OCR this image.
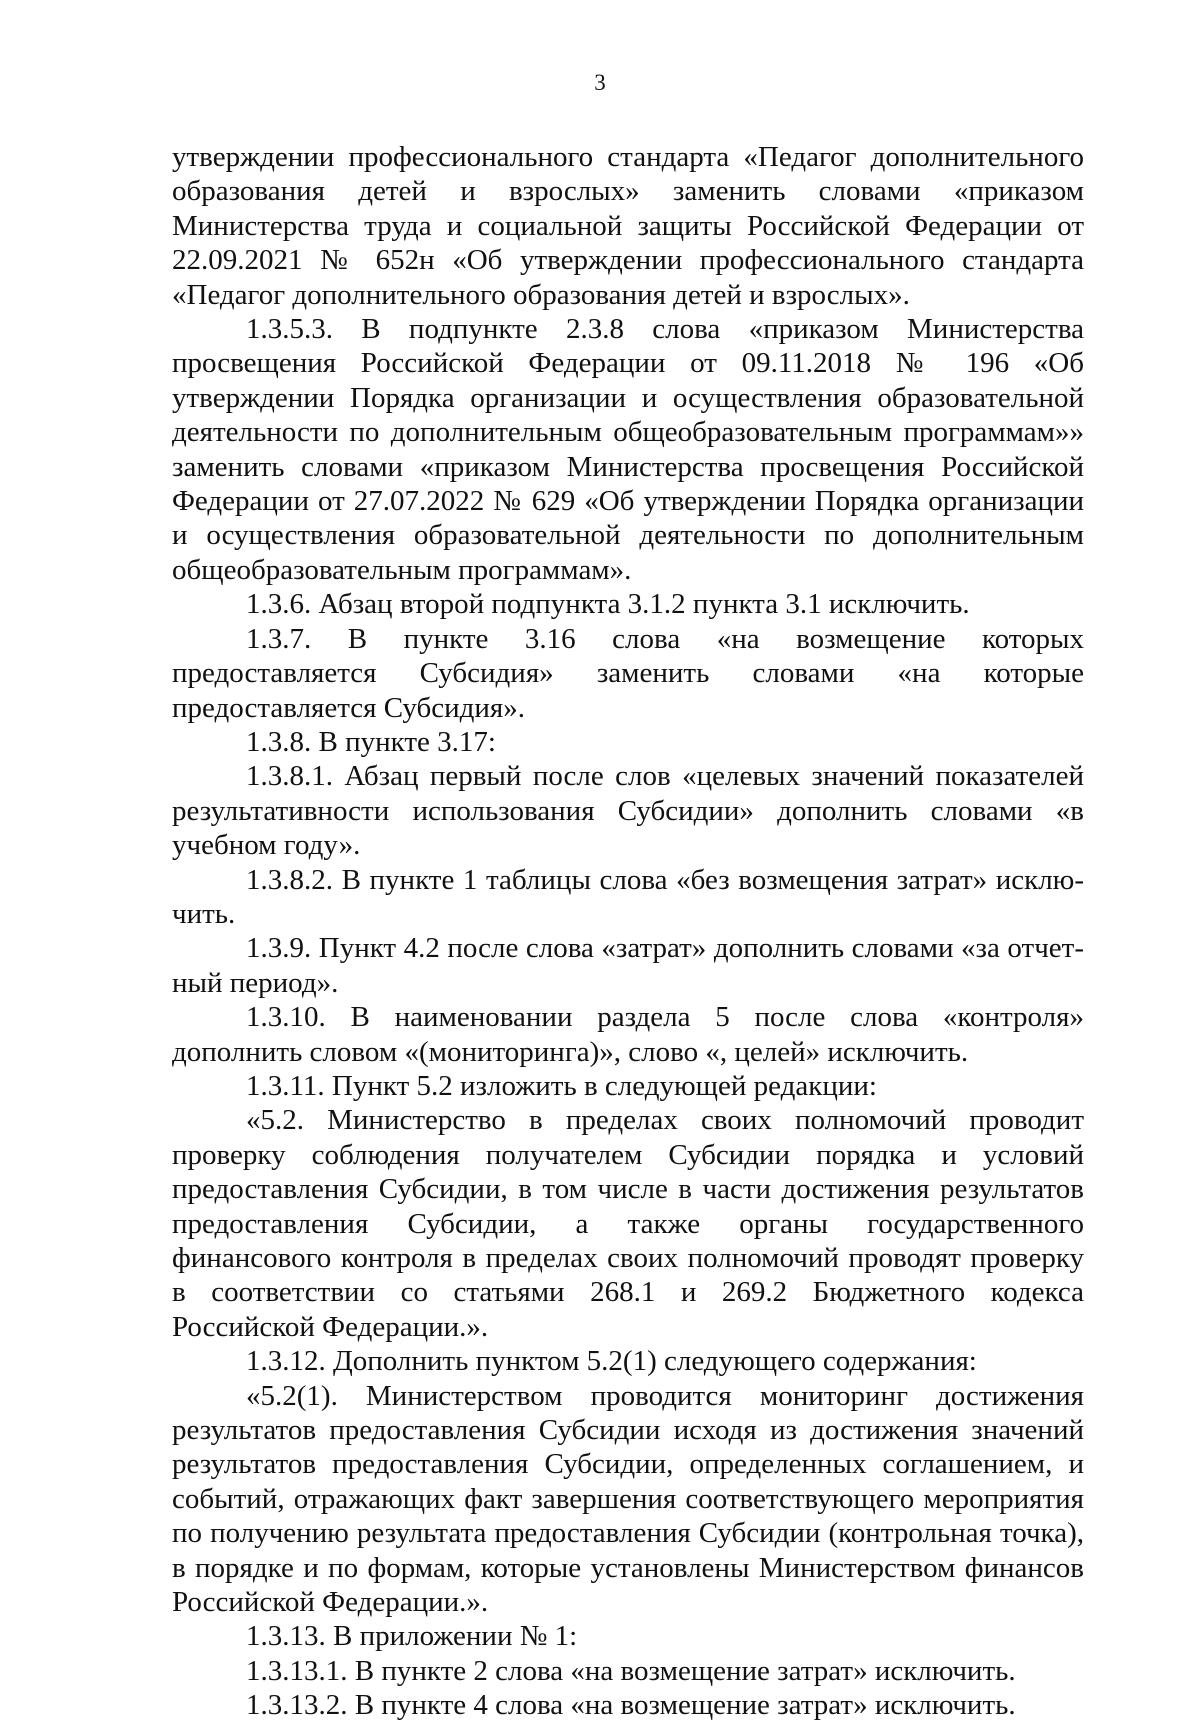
3

утверждении профессионального стандарта «Педагог дополнительного образования детей и взрослых» заменить словами «приказом Министерства труда и социальной защиты Российской Федерации от 22.09.2021 № 652н «Об утверждении профессионального стандарта «Педагог дополнительного образования детей и взрослых».

1.3.5.3. В подпункте 2.3.8 слова «приказом Министерства просвещения Российской Федерации от 09.11.2018 № 196 «Об утверждении Порядка организации и осуществления образовательной деятельности по дополнительным общеобразовательным программам»» заменить словами «приказом Министерства просвещения Российской Федерации от 27.07.2022 № 629 «Об утверждении Порядка организации и осуществления образовательной деятельности по дополнительным общеобразовательным программам».

1.3.6. Абзац второй подпункта 3.1.2 пункта 3.1 исключить.

1.3.7. В пункте 3.16 слова «на возмещение которых предоставляется Субсидия» заменить словами «на которые предоставляется Субсидия».

1.3.8. В пункте 3.17:

1.3.8.1. Абзац первый после слов «целевых значений показателей результативности использования Субсидии» дополнить словами «в учебном году».

1.3.8.2. В пункте 1 таблицы слова «без возмещения затрат» исключить.

1.3.9. Пункт 4.2 после слова «затрат» дополнить словами «за отчетный период».

1.3.10. В наименовании раздела 5 после слова «контроля» дополнить словом «(мониторинга)», слово «, целей» исключить.

1.3.11. Пункт 5.2 изложить в следующей редакции:

«5.2. Министерство в пределах своих полномочий проводит проверку соблюдения получателем Субсидии порядка и условий предоставления Субсидии, в том числе в части достижения результатов предоставления Субсидии, а также органы государственного финансового контроля в пределах своих полномочий проводят проверку в соответствии со статьями 268.1 и 269.2 Бюджетного кодекса Российской Федерации.».

1.3.12. Дополнить пунктом 5.2(1) следующего содержания:

«5.2(1). Министерством проводится мониторинг достижения результатов предоставления Субсидии исходя из достижения значений результатов предоставления Субсидии, определенных соглашением, и событий, отражающих факт завершения соответствующего мероприятия по получению результата предоставления Субсидии (контрольная точка), в порядке и по формам, которые установлены Министерством финансов Российской Федерации.».

1.3.13. В приложении № 1:

1.3.13.1. В пункте 2 слова «на возмещение затрат» исключить.

1.3.13.2. В пункте 4 слова «на возмещение затрат» исключить.
